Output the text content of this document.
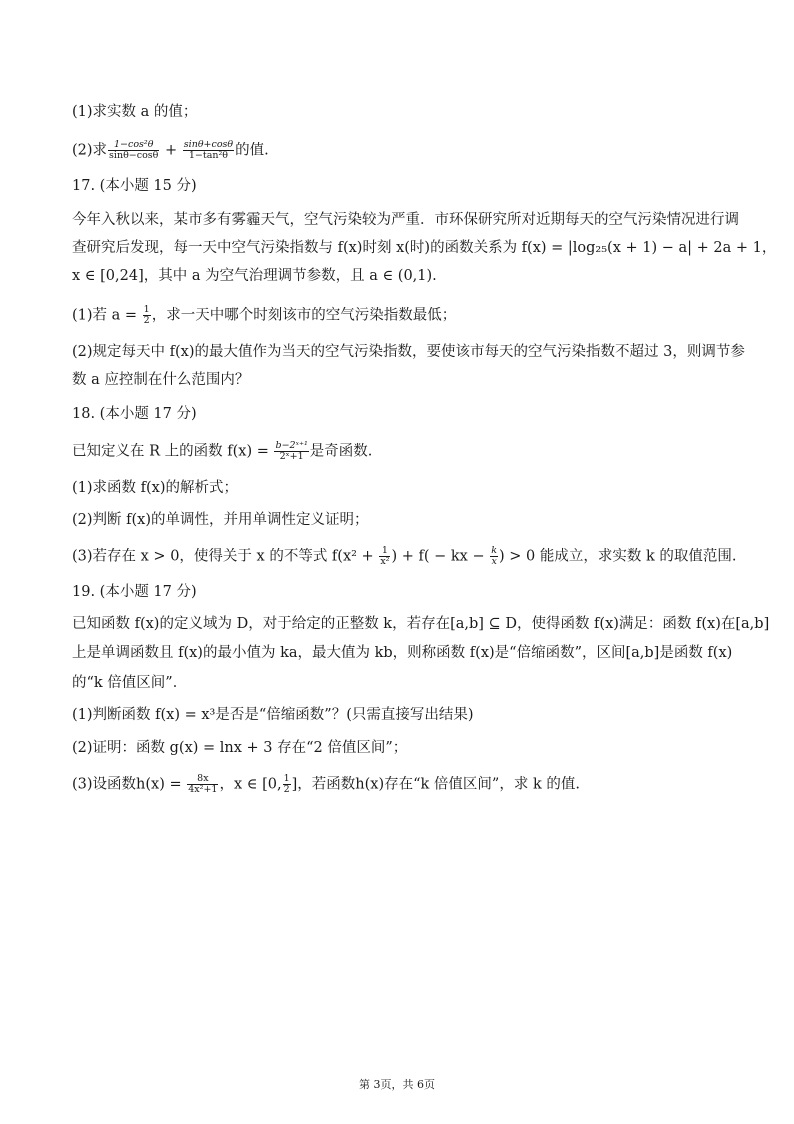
(1)求实数 a 的值；
(2)求 $\frac{\text{1−cos²θ}}{\sin\theta-\cos\theta} + \frac{\sin\theta+\cos\theta}{\text{1−tan²θ}}$ 的值.
17. (本小题 15 分)
今年入秋以来，某市多有雾霾天气，空气污染较为严重．市环保研究所对近期每天的空气污染情况进行调
查研究后发现，每一天中空气污染指数与 f(x)时刻 x(时)的函数关系为 f(x) = |log₂₅(x + 1) − a| + 2a + 1，
x ∈ [0,24]，其中 a 为空气治理调节参数，且 a ∈ (0,1).
(1)若 $a = \frac{1}{2}$ ，求一天中哪个时刻该市的空气污染指数最低；
(2)规定每天中 f(x)的最大值作为当天的空气污染指数，要使该市每天的空气污染指数不超过 3，则调节参
数 a 应控制在什么范围内？
18. (本小题 17 分)
已知定义在 R 上的函数 $f(x) = \frac{\text{b−2ˣ⁺¹}}{\text{2ˣ+1}}$ 是奇函数.
(1)求函数 f(x)的解析式；
(2)判断 f(x)的单调性，并用单调性定义证明；
(3)若存在 x > 0，使得关于 x 的不等式 $f(x^2 + \frac{1}{\text{x²}}$ ) + f( − kx − $\frac{k}{x}$ ) > 0 能成立，求实数 k 的取值范围.
19. (本小题 17 分)
已知函数 f(x)的定义域为 D，对于给定的正整数 k，若存在[a,b] ⊆ D，使得函数 f(x)满足：函数 f(x)在[a,b]
上是单调函数且 f(x)的最小值为 ka，最大值为 kb，则称函数 f(x)是“倍缩函数”，区间[a,b]是函数 f(x)
的“k 倍值区间”．
(1)判断函数 f(x) = x³是否是“倍缩函数”？(只需直接写出结果)
(2)证明：函数 g(x) = lnx + 3 存在“2 倍值区间”；
(3)设函数$h(x) = \frac{8x}{\text{4x²+1}}$ ，x ∈ [0, $\frac{1}{2}$ ]，若函数h(x)存在“k 倍值区间”，求 k 的值.
第 3页，共 6页
